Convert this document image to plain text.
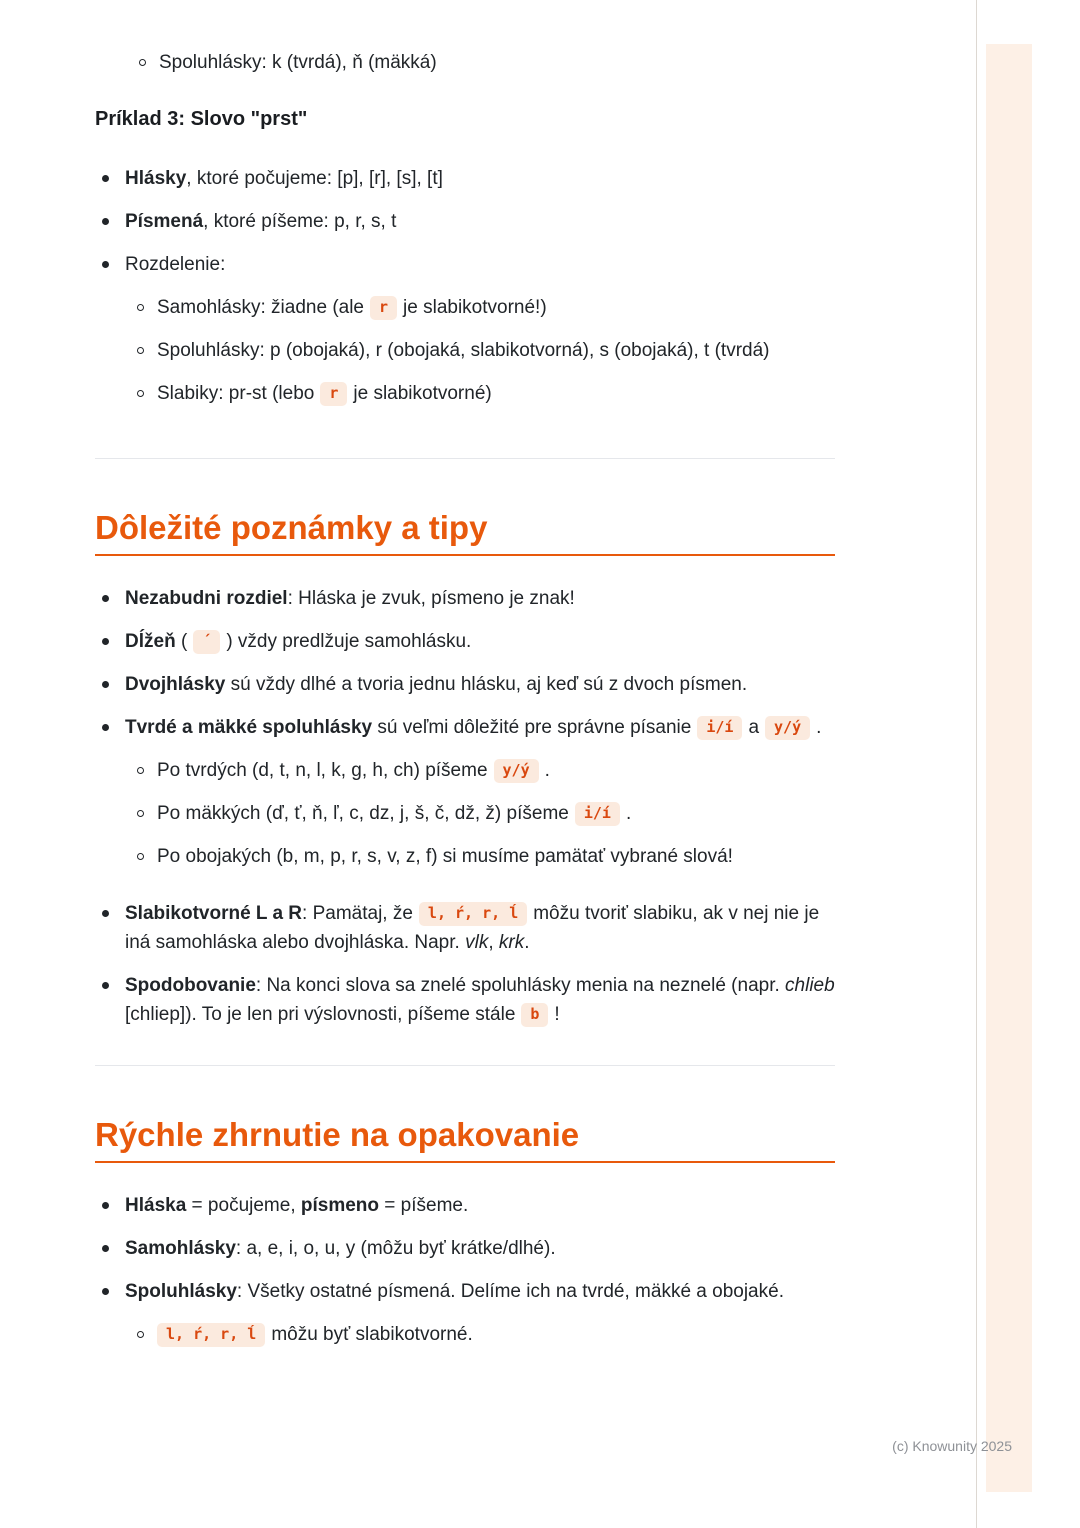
Spoluhlásky: k (tvrdá), ň (mäkká)
Príklad 3: Slovo "prst"
Hlásky, ktoré počujeme: [p], [r], [s], [t]
Písmená, ktoré píšeme: p, r, s, t
Rozdelenie:
Samohlásky: žiadne (ale r je slabikotvorné!)
Spoluhlásky: p (obojaká), r (obojaká, slabikotvorná), s (obojaká), t (tvrdá)
Slabiky: pr-st (lebo r je slabikotvorné)
Dôležité poznámky a tipy
Nezabudni rozdiel: Hláska je zvuk, písmeno je znak!
Dĺžeň ( ´ ) vždy predlžuje samohlásku.
Dvojhlásky sú vždy dlhé a tvoria jednu hlásku, aj keď sú z dvoch písmen.
Tvrdé a mäkké spoluhlásky sú veľmi dôležité pre správne písanie i/í a y/ý .
Po tvrdých (d, t, n, l, k, g, h, ch) píšeme y/ý .
Po mäkkých (ď, ť, ň, ľ, c, dz, j, š, č, dž, ž) píšeme i/í .
Po obojakých (b, m, p, r, s, v, z, f) si musíme pamätať vybrané slová!
Slabikotvorné L a R: Pamätaj, že l, ŕ, r, ĺ môžu tvoriť slabiku, ak v nej nie je iná samohláska alebo dvojhláska. Napr. vlk, krk.
Spodobovanie: Na konci slova sa znelé spoluhlásky menia na neznelé (napr. chlieb [chliep]). To je len pri výslovnosti, píšeme stále b !
Rýchle zhrnutie na opakovanie
Hláska = počujeme, písmeno = píšeme.
Samohlásky: a, e, i, o, u, y (môžu byť krátke/dlhé).
Spoluhlásky: Všetky ostatné písmená. Delíme ich na tvrdé, mäkké a obojaké.
l, ŕ, r, ĺ môžu byť slabikotvorné.
(c) Knowunity 2025
